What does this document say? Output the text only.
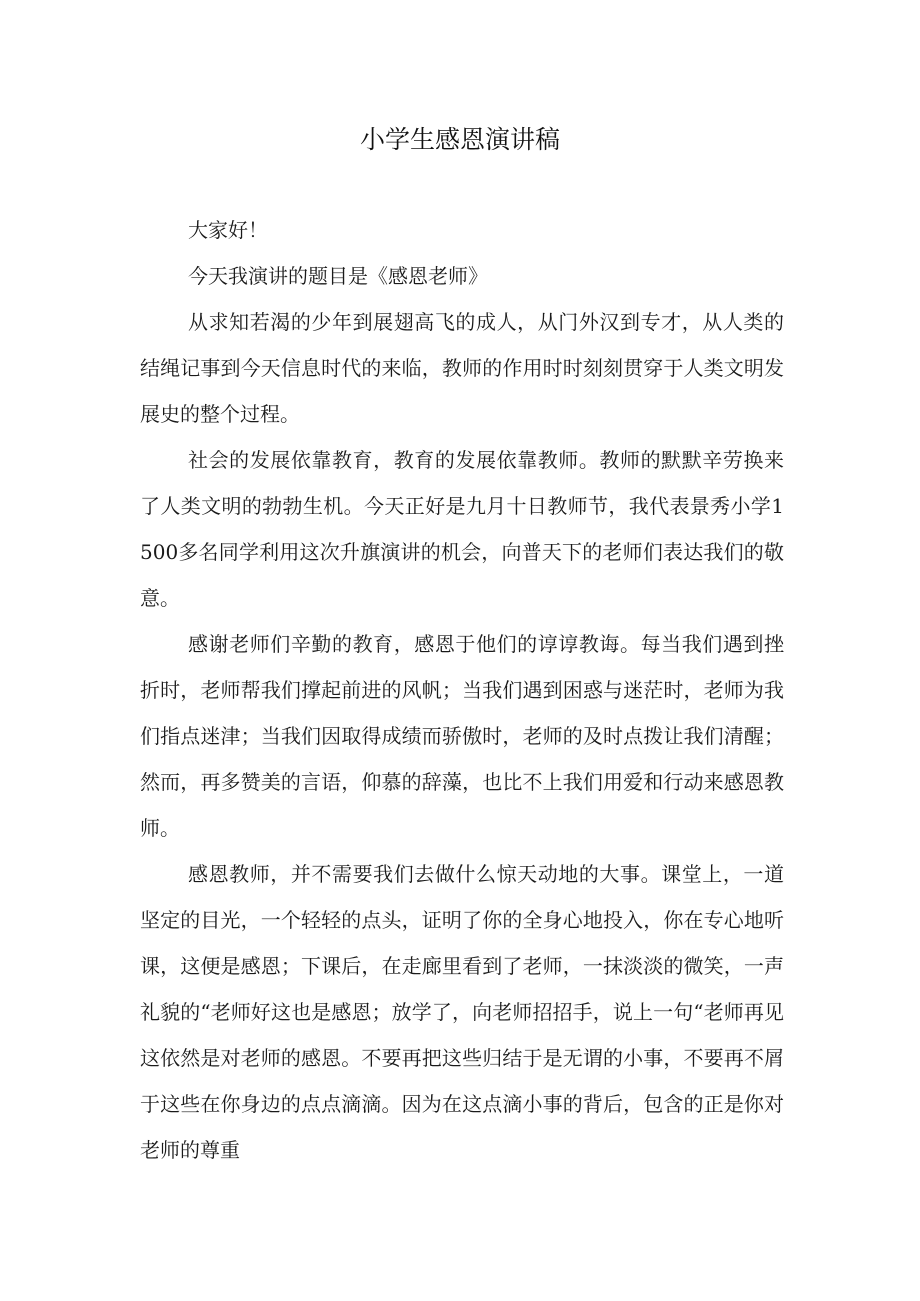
小学生感恩演讲稿

大家好！

今天我演讲的题目是《感恩老师》

从求知若渴的少年到展翅高飞的成人，从门外汉到专才，从人类的结绳记事到今天信息时代的来临，教师的作用时时刻刻贯穿于人类文明发展史的整个过程。

社会的发展依靠教育，教育的发展依靠教师。教师的默默辛劳换来了人类文明的勃勃生机。今天正好是九月十日教师节，我代表景秀小学1500多名同学利用这次升旗演讲的机会，向普天下的老师们表达我们的敬意。

感谢老师们辛勤的教育，感恩于他们的谆谆教诲。每当我们遇到挫折时，老师帮我们撑起前进的风帆；当我们遇到困惑与迷茫时，老师为我们指点迷津；当我们因取得成绩而骄傲时，老师的及时点拨让我们清醒；然而，再多赞美的言语，仰慕的辞藻，也比不上我们用爱和行动来感恩教师。

感恩教师，并不需要我们去做什么惊天动地的大事。课堂上，一道坚定的目光，一个轻轻的点头，证明了你的全身心地投入，你在专心地听课，这便是感恩；下课后，在走廊里看到了老师，一抹淡淡的微笑，一声礼貌的“老师好这也是感恩；放学了，向老师招招手，说上一句“老师再见这依然是对老师的感恩。不要再把这些归结于是无谓的小事，不要再不屑于这些在你身边的点点滴滴。因为在这点滴小事的背后，包含的正是你对老师的尊重
